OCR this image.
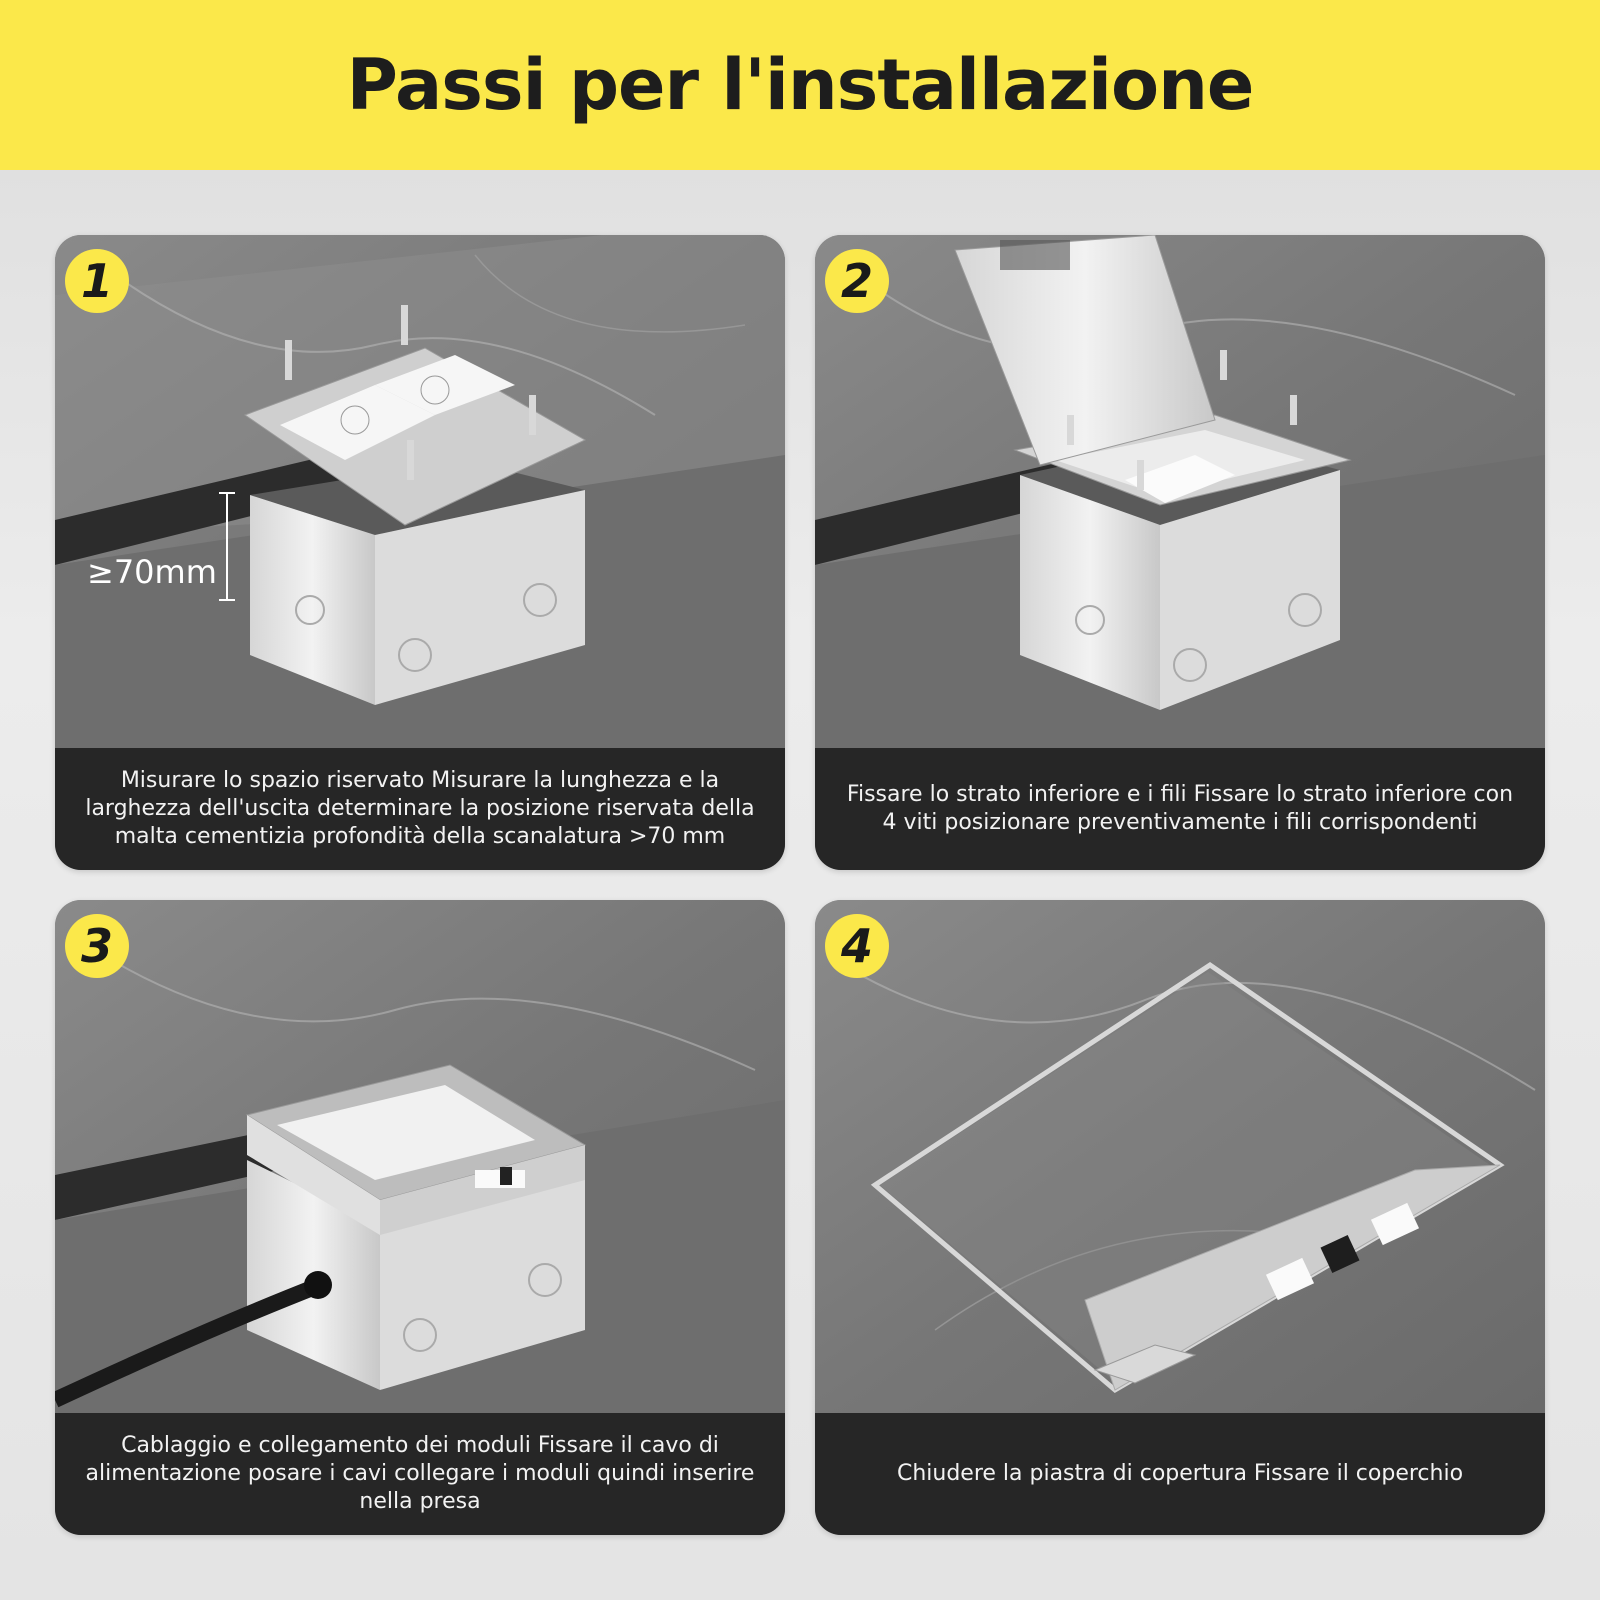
Passi per l'installazione
≥70mm
1
Misurare lo spazio riservato Misurare la lunghezza e la larghezza dell'uscita determinare la posizione riservata della malta cementizia profondità della scanalatura >70 mm
2
Fissare lo strato inferiore e i fili Fissare lo strato inferiore con 4 viti posizionare preventivamente i fili corrispondenti
3
Cablaggio e collegamento dei moduli Fissare il cavo di alimentazione posare i cavi collegare i moduli quindi inserire nella presa
4
Chiudere la piastra di copertura Fissare il coperchio
